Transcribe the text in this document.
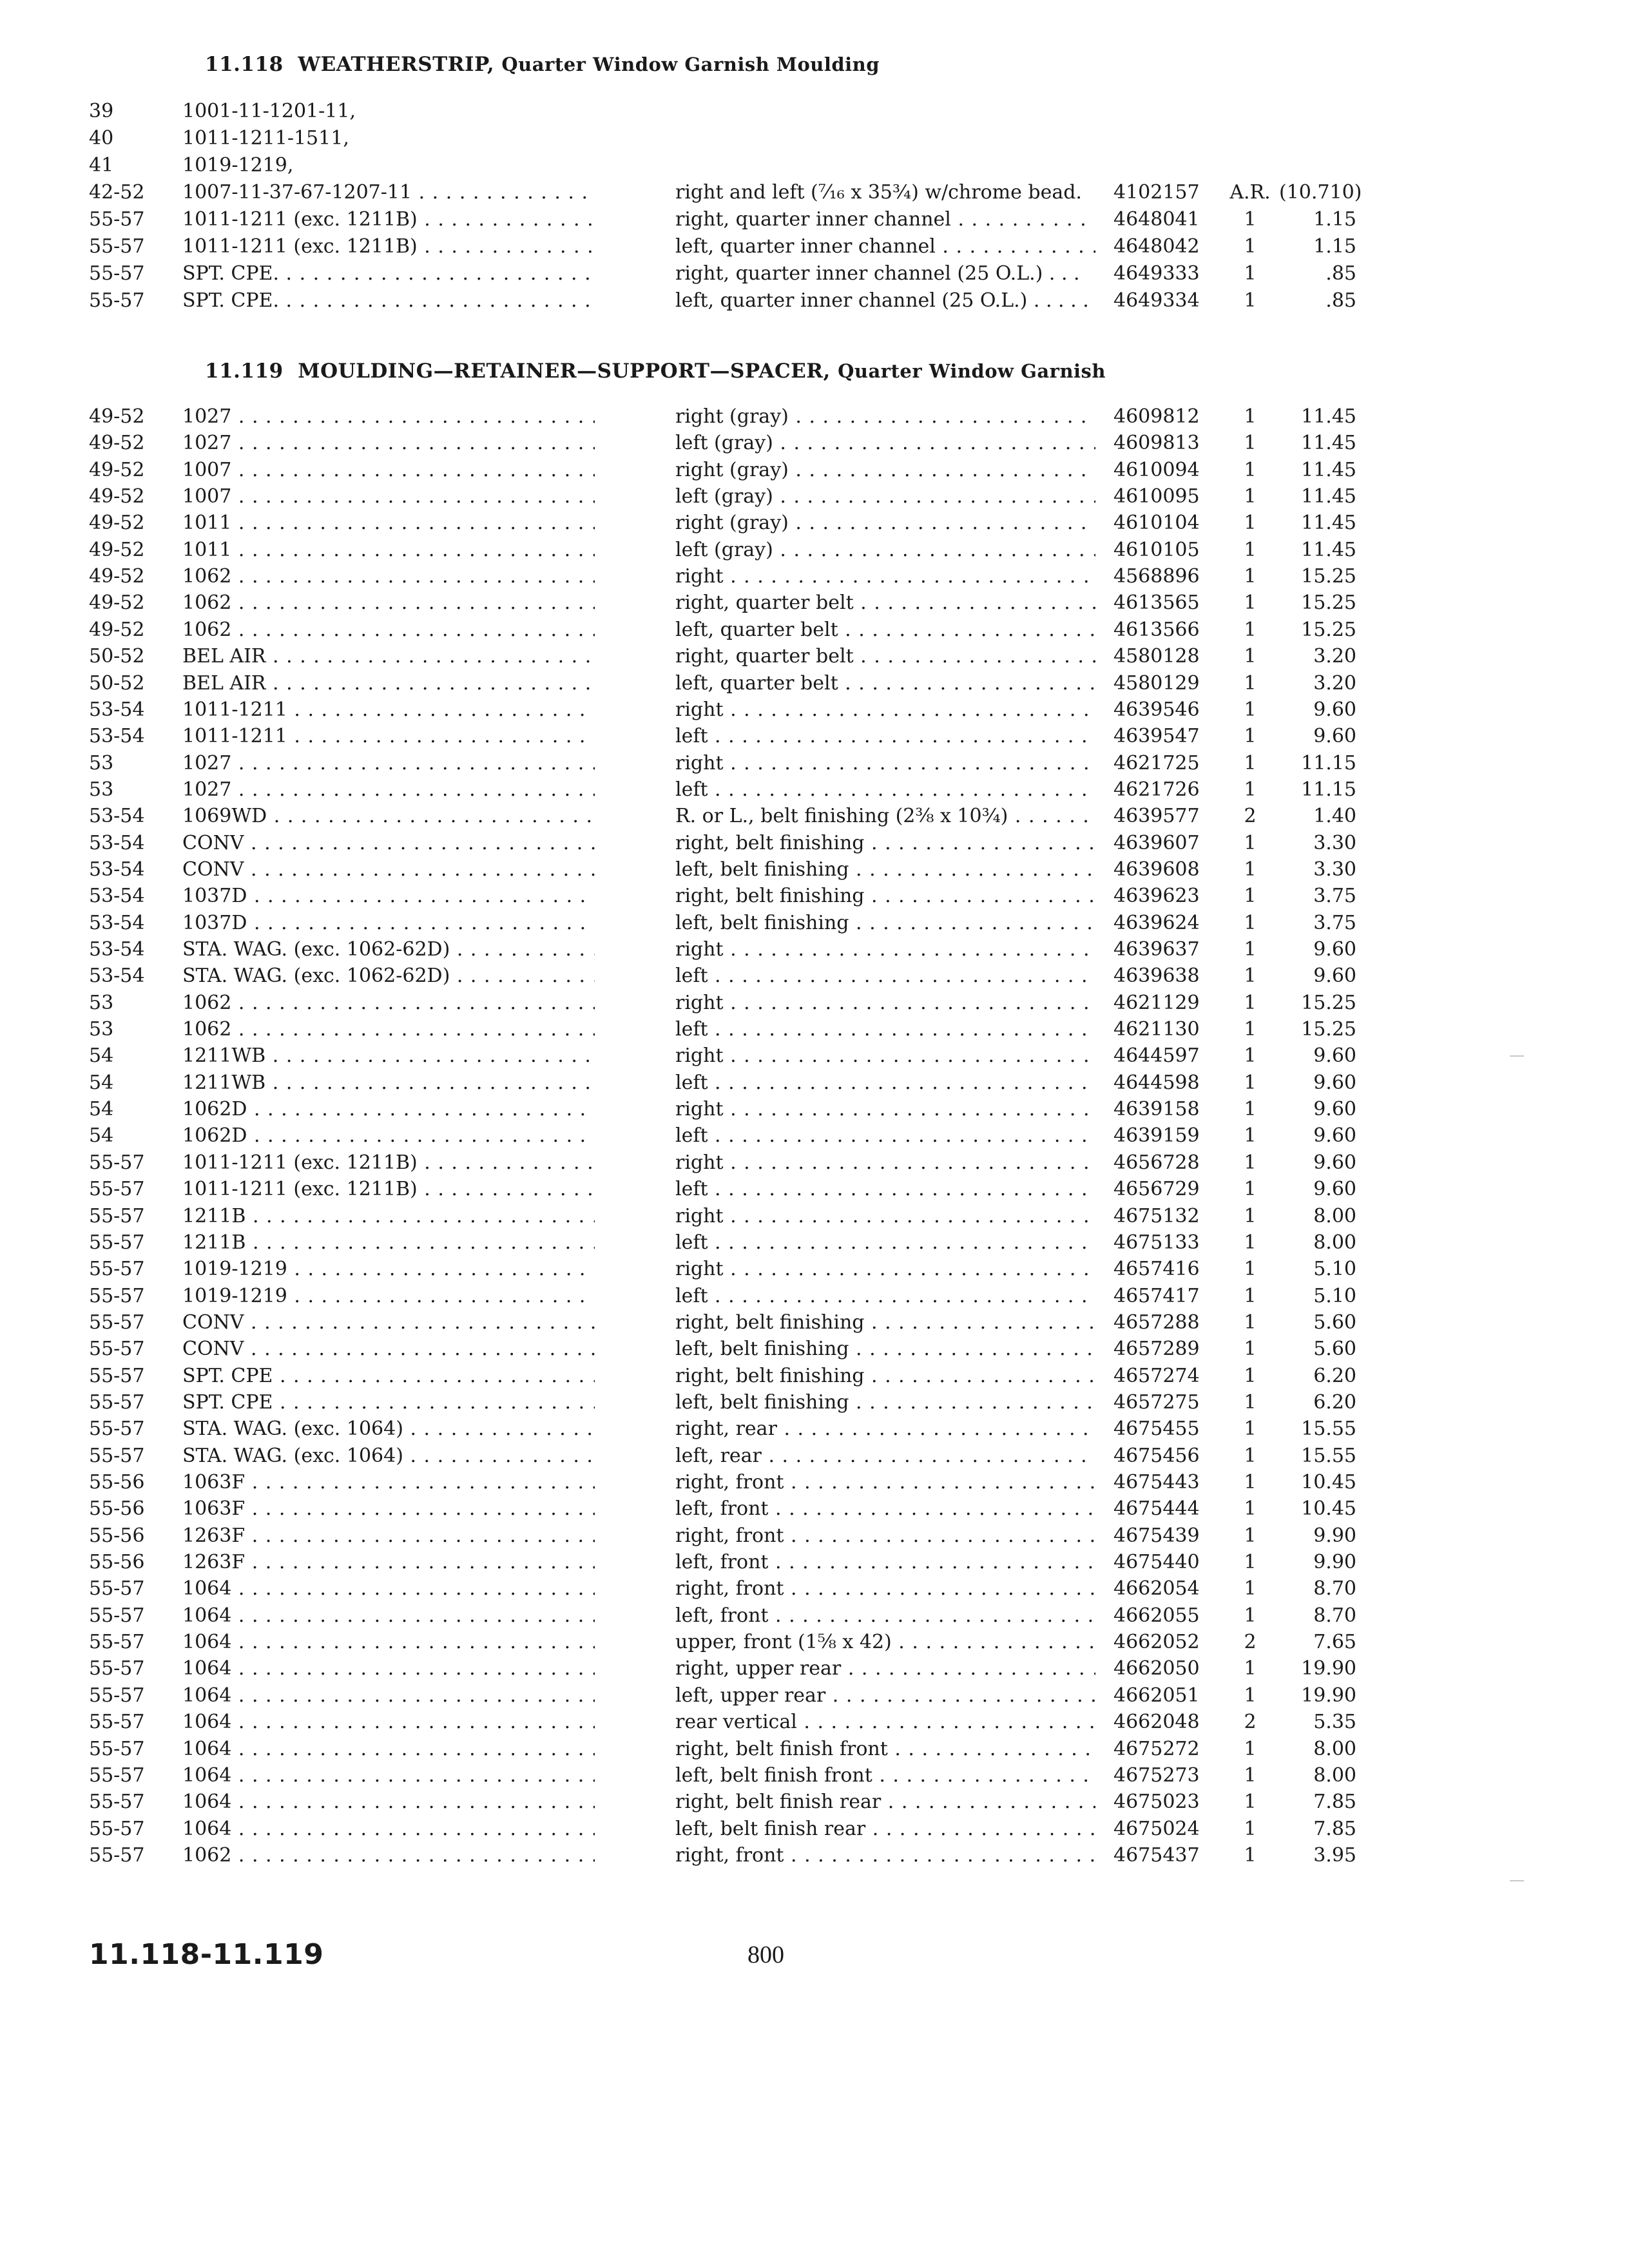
11.118 WEATHERSTRIP, Quarter Window Garnish Moulding
39	1001-11-1201-11,
40	1011-1211-1511,
41	1019-1219,
42-52	1007-11-37-67-1207-11 . . .	right and left (⁷⁄₁₆ x 35¾) w/chrome bead.	4102157	A.R. (10.710)
55-57	1011-1211 (exc. 1211B) . . .	right, quarter inner channel . . .	4648041	1	1.15
55-57	1011-1211 (exc. 1211B) . . .	left, quarter inner channel . . .	4648042	1	1.15
55-57	SPT. CPE. . . .	right, quarter inner channel (25 O.L.) . . .	4649333	1	.85
55-57	SPT. CPE. . . .	left, quarter inner channel (25 O.L.) . . . . .	4649334	1	.85
11.119 MOULDING—RETAINER—SUPPORT—SPACER, Quarter Window Garnish
49-52	1027 . . .	right (gray) . . .	4609812	1	11.45
49-52	1027 . . .	left (gray) . . .	4609813	1	11.45
49-52	1007 . . .	right (gray) . . .	4610094	1	11.45
49-52	1007 . . .	left (gray) . . .	4610095	1	11.45
49-52	1011 . . .	right (gray) . . .	4610104	1	11.45
49-52	1011 . . .	left (gray) . . .	4610105	1	11.45
49-52	1062 . . .	right . . .	4568896	1	15.25
49-52	1062 . . .	right, quarter belt . . .	4613565	1	15.25
49-52	1062 . . .	left, quarter belt . . .	4613566	1	15.25
50-52	BEL AIR . . .	right, quarter belt . . .	4580128	1	3.20
50-52	BEL AIR . . .	left, quarter belt . . .	4580129	1	3.20
53-54	1011-1211 . . .	right . . .	4639546	1	9.60
53-54	1011-1211 . . .	left . . .	4639547	1	9.60
53	1027 . . .	right . . .	4621725	1	11.15
53	1027 . . .	left . . .	4621726	1	11.15
53-54	1069WD . . .	R. or L., belt finishing (2⅜ x 10¾) . . .	4639577	2	1.40
53-54	CONV . . .	right, belt finishing . . .	4639607	1	3.30
53-54	CONV . . .	left, belt finishing . . .	4639608	1	3.30
53-54	1037D . . .	right, belt finishing . . .	4639623	1	3.75
53-54	1037D . . .	left, belt finishing . . .	4639624	1	3.75
53-54	STA. WAG. (exc. 1062-62D) . . .	right . . .	4639637	1	9.60
53-54	STA. WAG. (exc. 1062-62D) . . .	left . . .	4639638	1	9.60
53	1062 . . .	right . . .	4621129	1	15.25
53	1062 . . .	left . . .	4621130	1	15.25
54	1211WB . . .	right . . .	4644597	1	9.60
54	1211WB . . .	left . . .	4644598	1	9.60
54	1062D . . .	right . . .	4639158	1	9.60
54	1062D . . .	left . . .	4639159	1	9.60
55-57	1011-1211 (exc. 1211B) . . .	right . . .	4656728	1	9.60
55-57	1011-1211 (exc. 1211B) . . .	left . . .	4656729	1	9.60
55-57	1211B . . .	right . . .	4675132	1	8.00
55-57	1211B . . .	left . . .	4675133	1	8.00
55-57	1019-1219 . . .	right . . .	4657416	1	5.10
55-57	1019-1219 . . .	left . . .	4657417	1	5.10
55-57	CONV . . .	right, belt finishing . . .	4657288	1	5.60
55-57	CONV . . .	left, belt finishing . . .	4657289	1	5.60
55-57	SPT. CPE . . .	right, belt finishing . . .	4657274	1	6.20
55-57	SPT. CPE . . .	left, belt finishing . . .	4657275	1	6.20
55-57	STA. WAG. (exc. 1064) . . .	right, rear . . .	4675455	1	15.55
55-57	STA. WAG. (exc. 1064) . . .	left, rear . . .	4675456	1	15.55
55-56	1063F . . .	right, front . . .	4675443	1	10.45
55-56	1063F . . .	left, front . . .	4675444	1	10.45
55-56	1263F . . .	right, front . . .	4675439	1	9.90
55-56	1263F . . .	left, front . . .	4675440	1	9.90
55-57	1064 . . .	right, front . . .	4662054	1	8.70
55-57	1064 . . .	left, front . . .	4662055	1	8.70
55-57	1064 . . .	upper, front (1⅝ x 42) . . .	4662052	2	7.65
55-57	1064 . . .	right, upper rear . . .	4662050	1	19.90
55-57	1064 . . .	left, upper rear . . .	4662051	1	19.90
55-57	1064 . . .	rear vertical . . .	4662048	2	5.35
55-57	1064 . . .	right, belt finish front . . .	4675272	1	8.00
55-57	1064 . . .	left, belt finish front . . .	4675273	1	8.00
55-57	1064 . . .	right, belt finish rear . . .	4675023	1	7.85
55-57	1064 . . .	left, belt finish rear . . .	4675024	1	7.85
55-57	1062 . . .	right, front . . .	4675437	1	3.95
11.118-11.119	800
